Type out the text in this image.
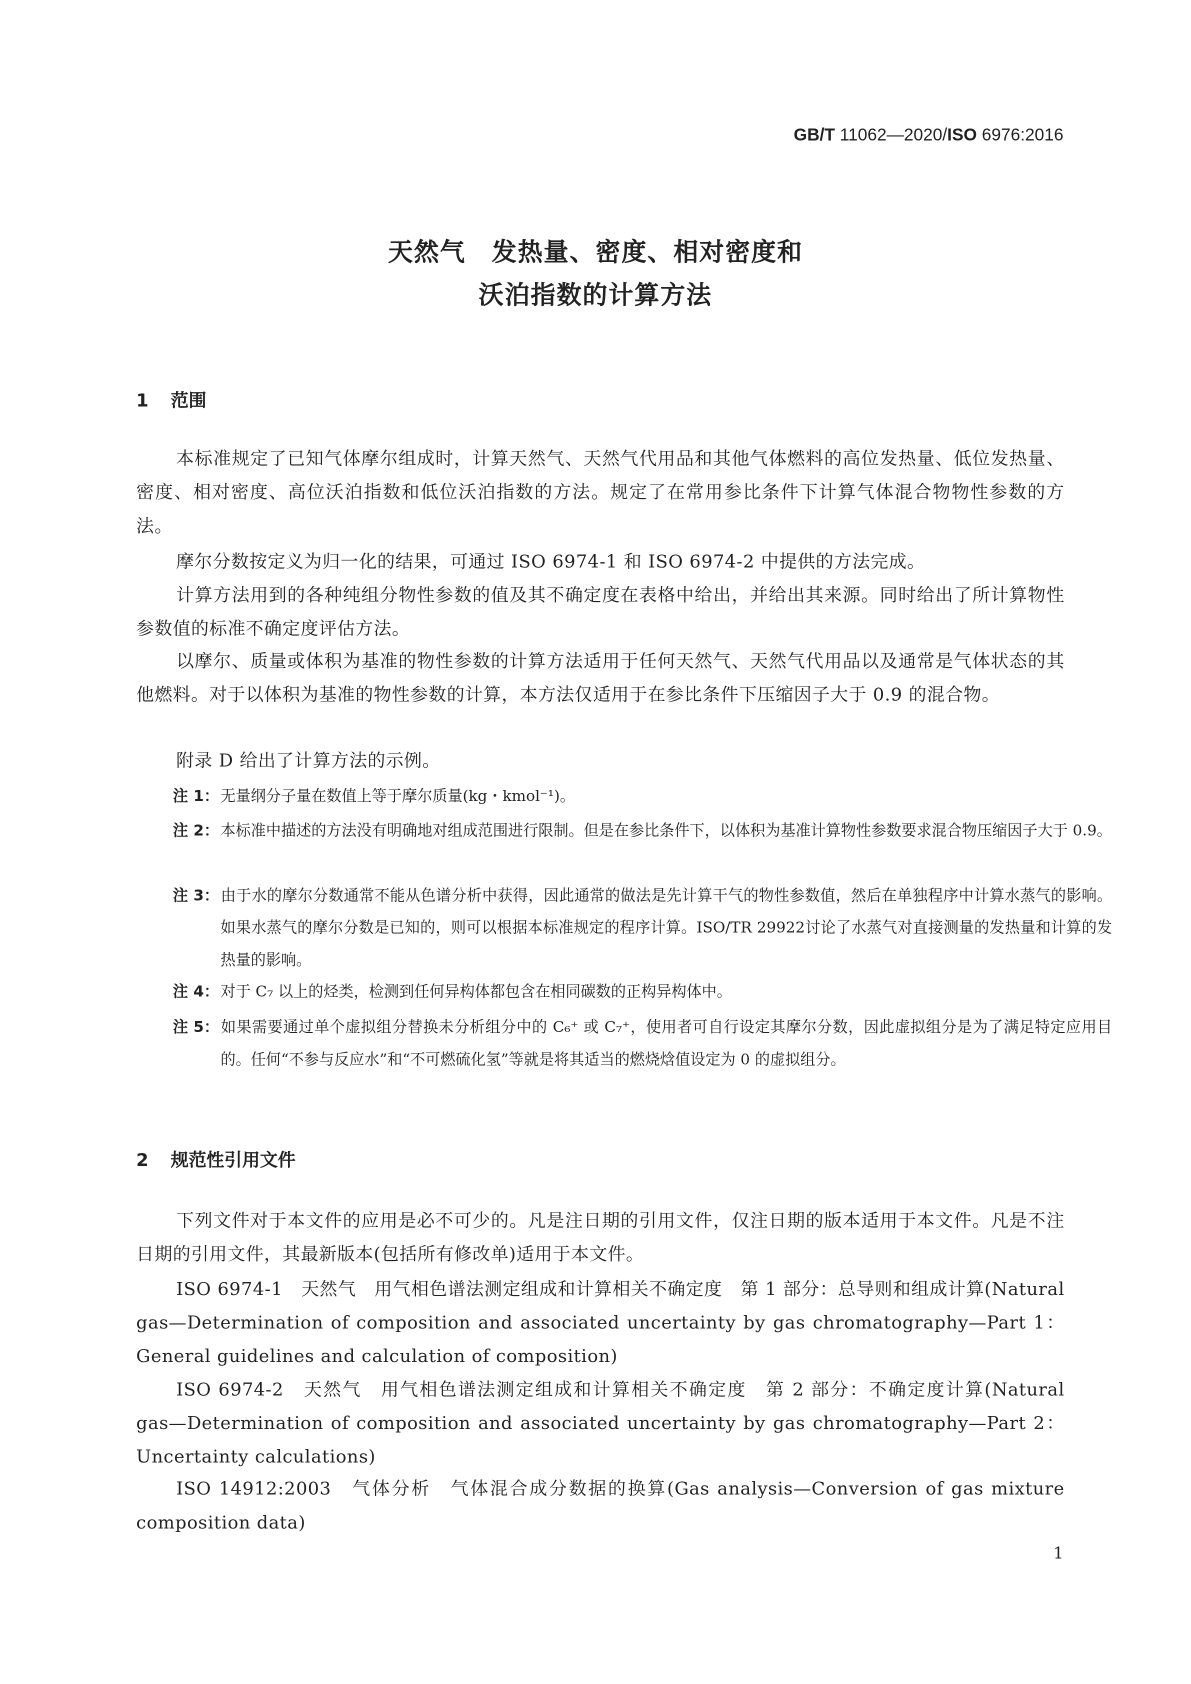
GB/T 11062—2020/ISO 6976:2016
天然气　发热量、密度、相对密度和
沃泊指数的计算方法
1 范围
本标准规定了已知气体摩尔组成时，计算天然气、天然气代用品和其他气体燃料的高位发热量、低位发热量、密度、相对密度、高位沃泊指数和低位沃泊指数的方法。规定了在常用参比条件下计算气体混合物物性参数的方法。
摩尔分数按定义为归一化的结果，可通过 ISO 6974-1 和 ISO 6974-2 中提供的方法完成。
计算方法用到的各种纯组分物性参数的值及其不确定度在表格中给出，并给出其来源。同时给出了所计算物性参数值的标准不确定度评估方法。
以摩尔、质量或体积为基准的物性参数的计算方法适用于任何天然气、天然气代用品以及通常是气体状态的其他燃料。对于以体积为基准的物性参数的计算，本方法仅适用于在参比条件下压缩因子大于 0.9 的混合物。
附录 D 给出了计算方法的示例。
注 1：无量纲分子量在数值上等于摩尔质量(kg・kmol⁻¹)。
注 2：本标准中描述的方法没有明确地对组成范围进行限制。但是在参比条件下，以体积为基准计算物性参数要求混合物压缩因子大于 0.9。
注 3：由于水的摩尔分数通常不能从色谱分析中获得，因此通常的做法是先计算干气的物性参数值，然后在单独程序中计算水蒸气的影响。如果水蒸气的摩尔分数是已知的，则可以根据本标准规定的程序计算。ISO/TR 29922讨论了水蒸气对直接测量的发热量和计算的发热量的影响。
注 4：对于 C₇ 以上的烃类，检测到任何异构体都包含在相同碳数的正构异构体中。
注 5：如果需要通过单个虚拟组分替换未分析组分中的 C₆⁺ 或 C₇⁺，使用者可自行设定其摩尔分数，因此虚拟组分是为了满足特定应用目的。任何“不参与反应水”和“不可燃硫化氢”等就是将其适当的燃烧焓值设定为 0 的虚拟组分。
2 规范性引用文件
下列文件对于本文件的应用是必不可少的。凡是注日期的引用文件，仅注日期的版本适用于本文件。凡是不注日期的引用文件，其最新版本(包括所有修改单)适用于本文件。
ISO 6974-1　天然气　用气相色谱法测定组成和计算相关不确定度　第 1 部分：总导则和组成计算(Natural gas—Determination of composition and associated uncertainty by gas chromatography—Part 1：General guidelines and calculation of composition)
ISO 6974-2　天然气　用气相色谱法测定组成和计算相关不确定度　第 2 部分：不确定度计算(Natural gas—Determination of composition and associated uncertainty by gas chromatography—Part 2：Uncertainty calculations)
ISO 14912:2003　气体分析　气体混合成分数据的换算(Gas analysis—Conversion of gas mixture composition data)
1
